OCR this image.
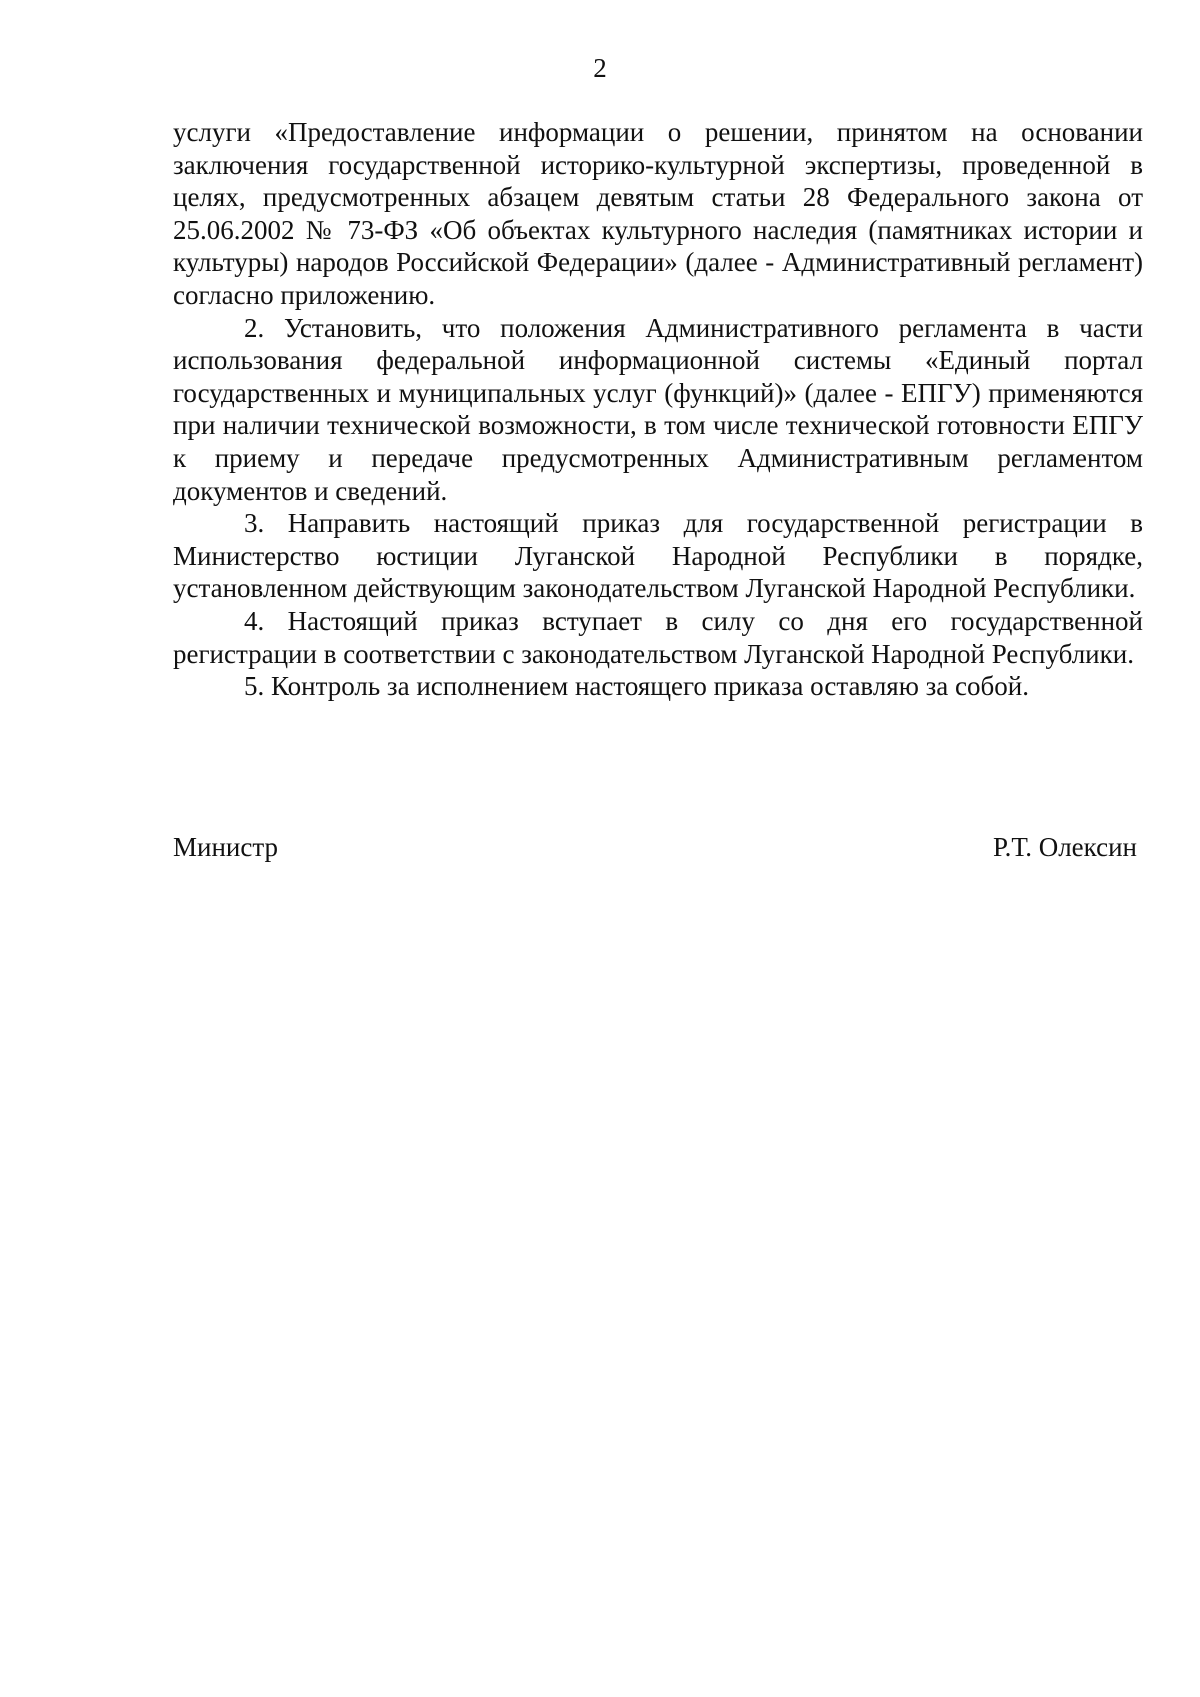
2

услуги «Предоставление информации о решении, принятом на основании заключения государственной историко-культурной экспертизы, проведенной в целях, предусмотренных абзацем девятым статьи 28 Федерального закона от 25.06.2002 № 73-ФЗ «Об объектах культурного наследия (памятниках истории и культуры) народов Российской Федерации» (далее - Административный регламент) согласно приложению.

2. Установить, что положения Административного регламента в части использования федеральной информационной системы «Единый портал государственных и муниципальных услуг (функций)» (далее - ЕПГУ) применяются при наличии технической возможности, в том числе технической готовности ЕПГУ к приему и передаче предусмотренных Административным регламентом документов и сведений.

3. Направить настоящий приказ для государственной регистрации в Министерство юстиции Луганской Народной Республики в порядке, установленном действующим законодательством Луганской Народной Республики.

4. Настоящий приказ вступает в силу со дня его государственной регистрации в соответствии с законодательством Луганской Народной Республики.

5. Контроль за исполнением настоящего приказа оставляю за собой.

Министр	Р.Т. Олексин
